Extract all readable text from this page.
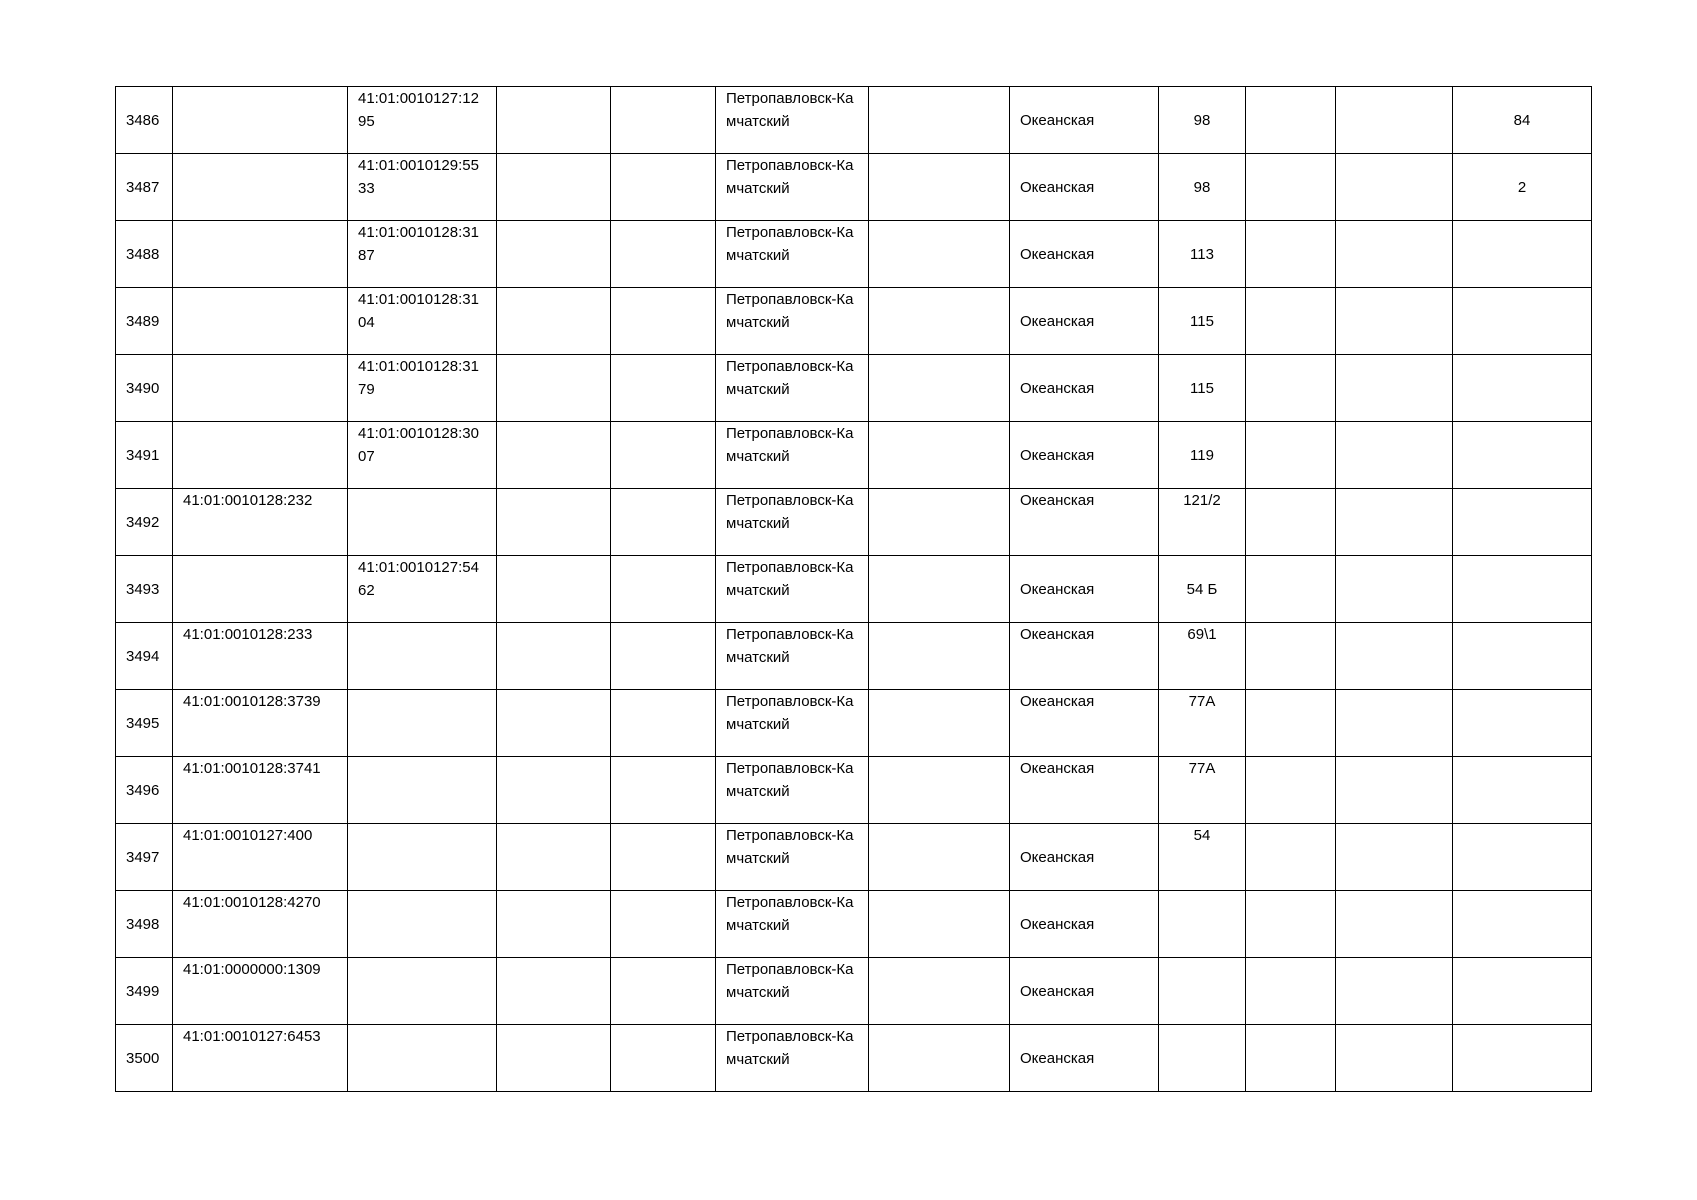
3486		41:01:0010127:1295			Петропавловск-Камчатский		Океанская	98			84
3487		41:01:0010129:5533			Петропавловск-Камчатский		Океанская	98			2
3488		41:01:0010128:3187			Петропавловск-Камчатский		Океанская	113			
3489		41:01:0010128:3104			Петропавловск-Камчатский		Океанская	115			
3490		41:01:0010128:3179			Петропавловск-Камчатский		Океанская	115			
3491		41:01:0010128:3007			Петропавловск-Камчатский		Океанская	119			
3492	41:01:0010128:232				Петропавловск-Камчатский		Океанская	121/2			
3493		41:01:0010127:5462			Петропавловск-Камчатский		Океанская	54 Б			
3494	41:01:0010128:233				Петропавловск-Камчатский		Океанская	69\1			
3495	41:01:0010128:3739				Петропавловск-Камчатский		Океанская	77А			
3496	41:01:0010128:3741				Петропавловск-Камчатский		Океанская	77А			
3497	41:01:0010127:400				Петропавловск-Камчатский		Океанская	54			
3498	41:01:0010128:4270				Петропавловск-Камчатский		Океанская				
3499	41:01:0000000:1309				Петропавловск-Камчатский		Океанская				
3500	41:01:0010127:6453				Петропавловск-Камчатский		Океанская				
